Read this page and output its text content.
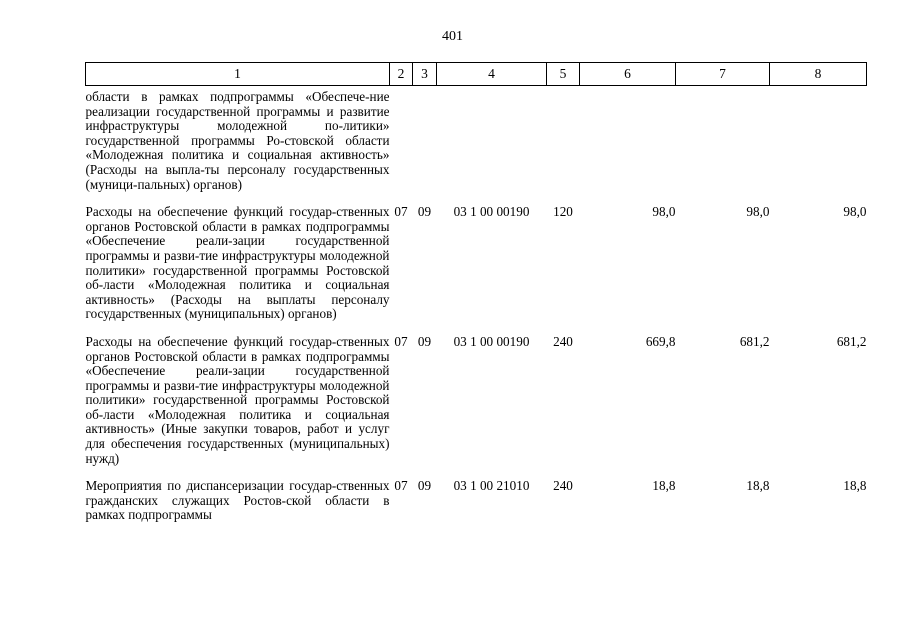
401
1	2	3	4	5	6	7	8
области в рамках подпрограммы «Обеспече-ние реализации государственной программы и развитие инфраструктуры молодежной по-литики» государственной программы Ро-стовской области «Молодежная политика и социальная активность» (Расходы на выпла-ты персоналу государственных (муници-пальных) органов)							
Расходы на обеспечение функций государ-ственных органов Ростовской области в рамках подпрограммы «Обеспечение реали-зации государственной программы и разви-тие инфраструктуры молодежной политики» государственной программы Ростовской об-ласти «Молодежная политика и социальная активность» (Расходы на выплаты персоналу государственных (муниципальных) органов)	07	09	03 1 00 00190	120	98,0	98,0	98,0
Расходы на обеспечение функций государ-ственных органов Ростовской области в рамках подпрограммы «Обеспечение реали-зации государственной программы и разви-тие инфраструктуры молодежной политики» государственной программы Ростовской об-ласти «Молодежная политика и социальная активность» (Иные закупки товаров, работ и услуг для обеспечения государственных (муниципальных) нужд)	07	09	03 1 00 00190	240	669,8	681,2	681,2
Мероприятия по диспансеризации государ-ственных гражданских служащих Ростов-ской области в рамках подпрограммы	07	09	03 1 00 21010	240	18,8	18,8	18,8
